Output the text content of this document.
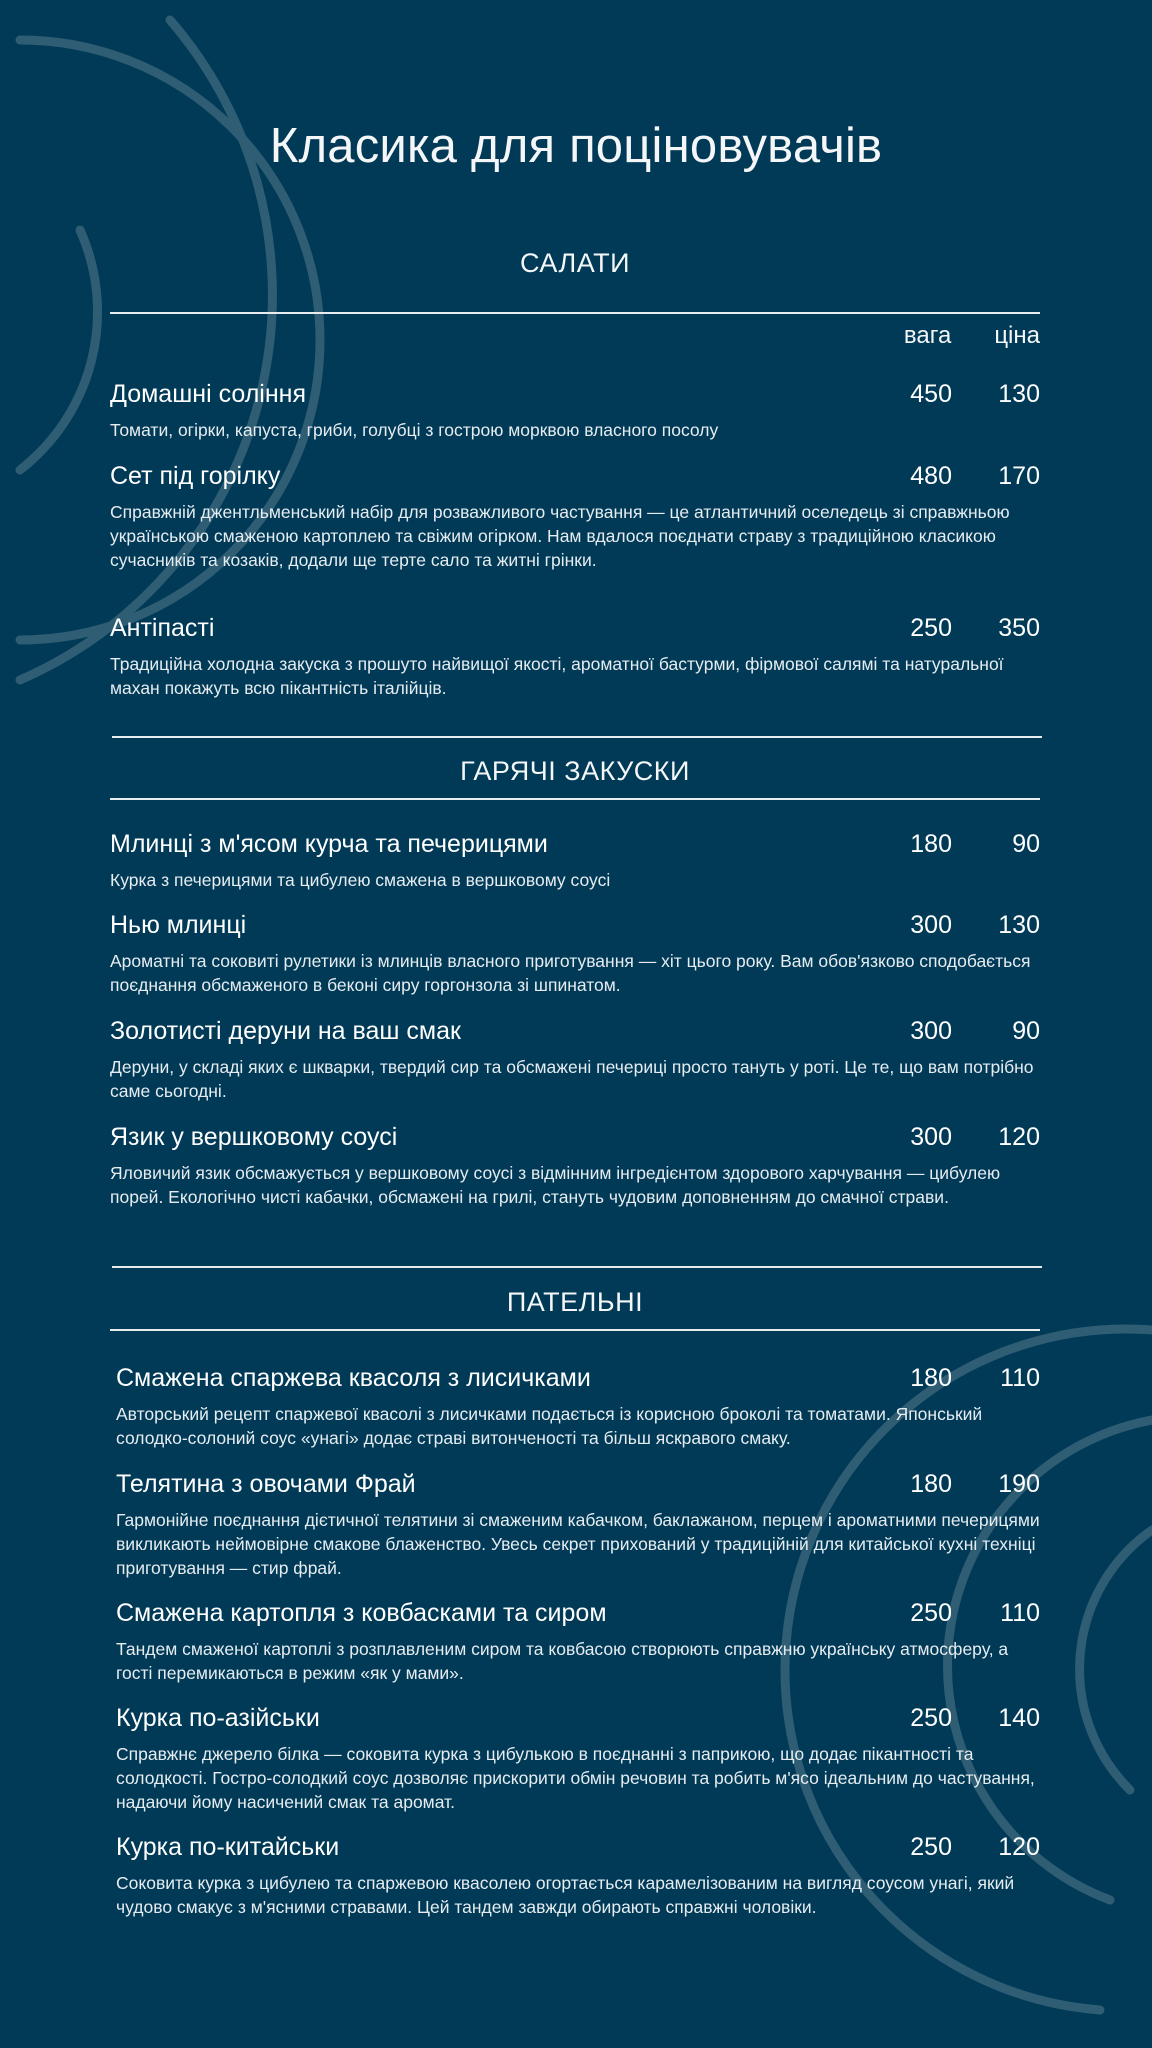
Класика для поціновувачів
САЛАТИ
вага ціна
Домашні соління	450 130
Томати, огірки, капуста, гриби, голубці з гострою морквою власного посолу
Сет під горілку	480 170
Справжній джентльменський набір для розважливого частування — це атлантичний оселедець зі справжньою українською смаженою картоплею та свіжим огірком. Нам вдалося поєднати страву з традиційною класикою сучасників та козаків, додали ще терте сало та житні грінки.
Антіпасті	250 350
Традиційна холодна закуска з прошуто найвищої якості, ароматної бастурми, фірмової салямі та натуральної махан покажуть всю пікантність італійців.
ГАРЯЧІ ЗАКУСКИ
Млинці з м'ясом курча та печерицями	180 90
Курка з печерицями та цибулею смажена в вершковому соусі
Нью млинці	300 130
Ароматні та соковиті рулетики із млинців власного приготування — хіт цього року. Вам обов'язково сподобається поєднання обсмаженого в беконі сиру горгонзола зі шпинатом.
Золотисті деруни на ваш смак	300 90
Деруни, у складі яких є шкварки, твердий сир та обсмажені печериці просто тануть у роті. Це те, що вам потрібно саме сьогодні.
Язик у вершковому соусі	300 120
Яловичий язик обсмажується у вершковому соусі з відмінним інгредієнтом здорового харчування — цибулею порей. Екологічно чисті кабачки, обсмажені на грилі, стануть чудовим доповненням до смачної страви.
ПАТЕЛЬНІ
Смажена спаржева квасоля з лисичками	180 110
Авторський рецепт спаржевої квасолі з лисичками подається із корисною броколі та томатами. Японський солодко-солоний соус «унагі» додає страві витонченості та більш яскравого смаку.
Телятина з овочами Фрай	180 190
Гармонійне поєднання дієтичної телятини зі смаженим кабачком, баклажаном, перцем і ароматними печерицями викликають неймовірне смакове блаженство. Увесь секрет прихований у традиційній для китайської кухні техніці приготування — стир фрай.
Смажена картопля з ковбасками та сиром	250 110
Тандем смаженої картоплі з розплавленим сиром та ковбасою створюють справжню українську атмосферу, а гості перемикаються в режим «як у мами».
Курка по-азійськи	250 140
Справжнє джерело білка — соковита курка з цибулькою в поєднанні з паприкою, що додає пікантності та солодкості. Гостро-солодкий соус дозволяє прискорити обмін речовин та робить м'ясо ідеальним до частування, надаючи йому насичений смак та аромат.
Курка по-китайськи	250 120
Соковита курка з цибулею та спаржевою квасолею огортається карамелізованим на вигляд соусом унагі, який чудово смакує з м'ясними стравами. Цей тандем завжди обирають справжні чоловіки.
